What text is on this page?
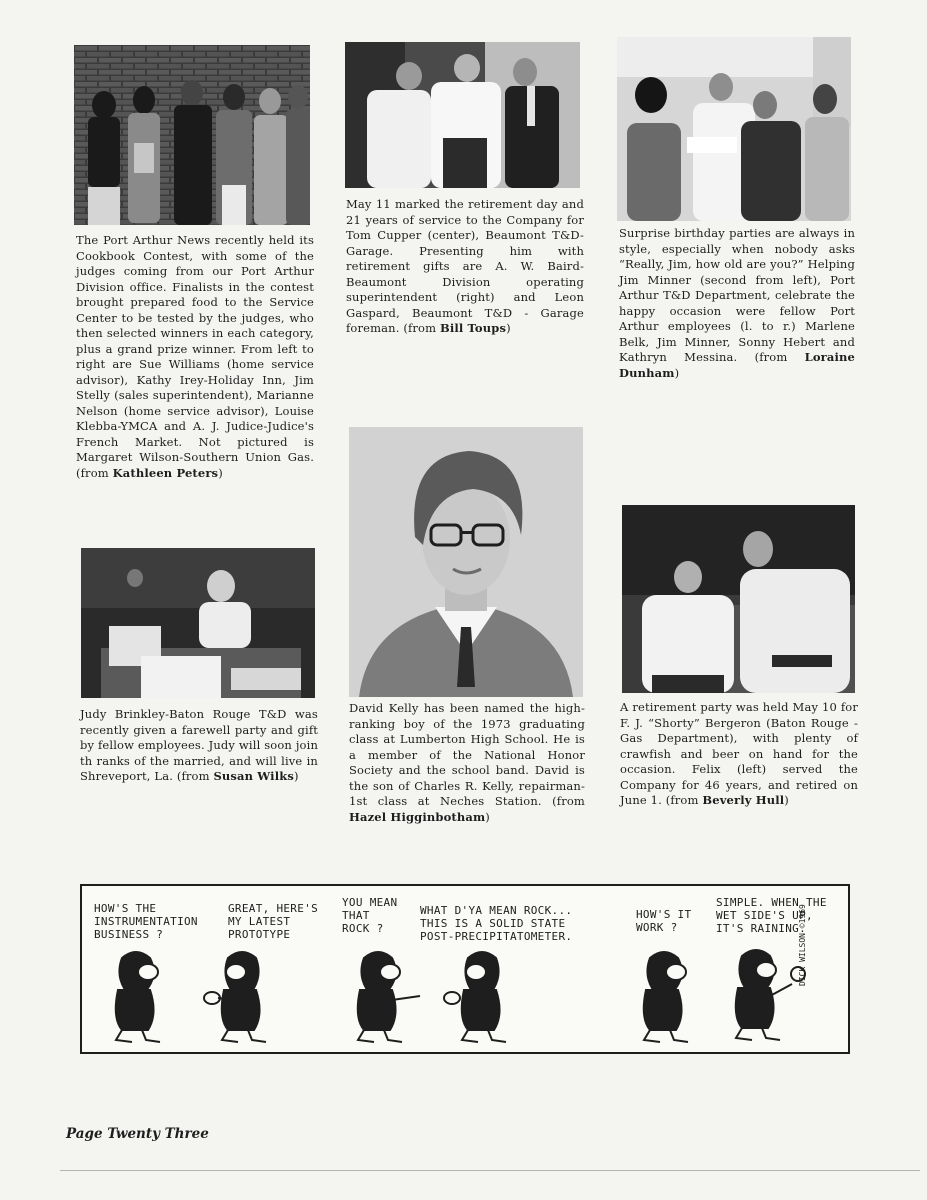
The Port Arthur News recently held its Cookbook Contest, with some of the judges coming from our Port Arthur Division office. Finalists in the contest brought prepared food to the Service Center to be tested by the judges, who then selected winners in each category, plus a grand prize winner. From left to right are Sue Williams (home service advisor), Kathy Irey-Holiday Inn, Jim Stelly (sales superintendent), Marianne Nelson (home service advisor), Louise Klebba-YMCA and A. J. Judice-Judice's French Market. Not pictured is Margaret Wilson-Southern Union Gas. (from Kathleen Peters)

May 11 marked the retirement day and 21 years of service to the Company for Tom Cupper (center), Beaumont T&D-Garage. Presenting him with retirement gifts are A. W. Baird-Beaumont Division operating superintendent (right) and Leon Gaspard, Beaumont T&D - Garage foreman. (from Bill Toups)

Surprise birthday parties are always in style, especially when nobody asks “Really, Jim, how old are you?” Helping Jim Minner (second from left), Port Arthur T&D Department, celebrate the happy occasion were fellow Port Arthur employees (l. to r.) Marlene Belk, Jim Minner, Sonny Hebert and Kathryn Messina. (from Loraine Dunham)

Judy Brinkley-Baton Rouge T&D was recently given a farewell party and gift by fellow employees. Judy will soon join th ranks of the married, and will live in Shreveport, La. (from Susan Wilks)

David Kelly has been named the high-ranking boy of the 1973 graduating class at Lumberton High School. He is a member of the National Honor Society and the school band. David is the son of Charles R. Kelly, repairman-1st class at Neches Station. (from Hazel Higginbotham)

A retirement party was held May 10 for F. J. “Shorty” Bergeron (Baton Rouge - Gas Department), with plenty of crawfish and beer on hand for the occasion. Felix (left) served the Company for 46 years, and retired on June 1. (from Beverly Hull)

HOW'S THE
INSTRUMENTATION
BUSINESS ?

GREAT, HERE'S
MY LATEST
PROTOTYPE

YOU MEAN
THAT
ROCK ?

WHAT D'YA MEAN ROCK...
THIS IS A SOLID STATE
POST-PRECIPITATOMETER.

HOW'S IT
WORK ?

SIMPLE. WHEN THE
WET SIDE'S UP,
IT'S RAINING.

DICK WILSON ©1969
Page Twenty Three
